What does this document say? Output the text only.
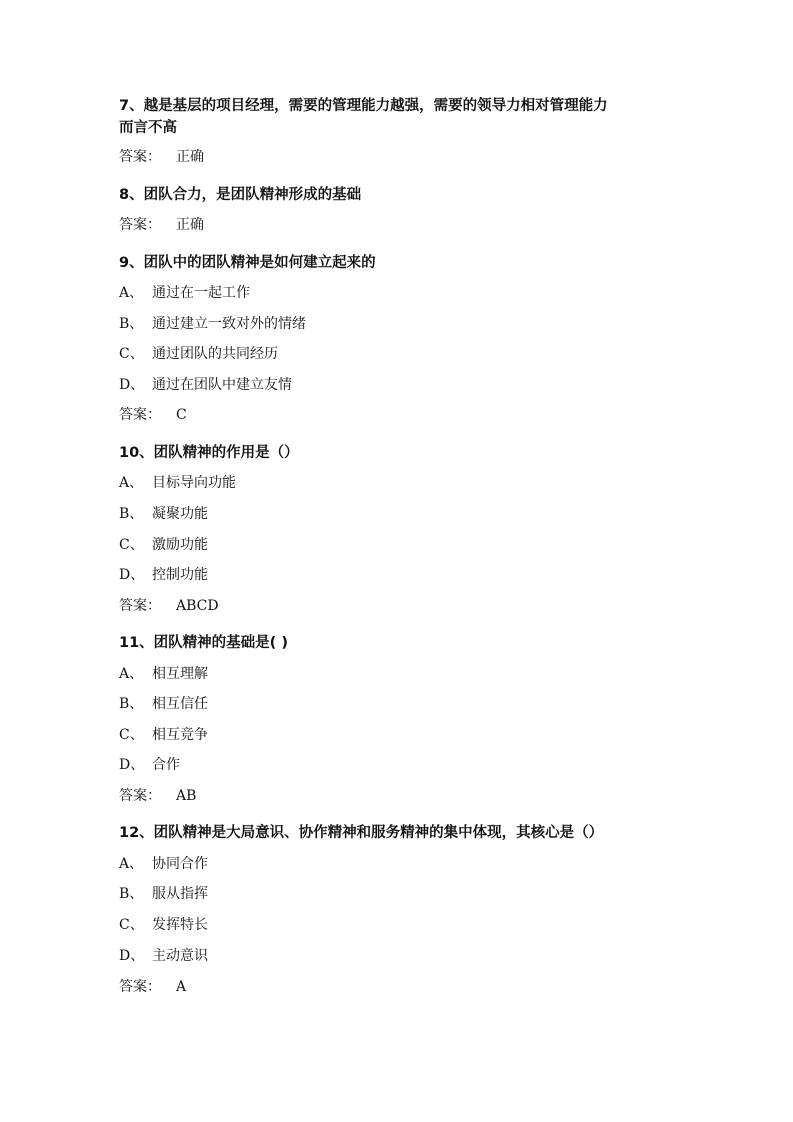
7、越是基层的项目经理，需要的管理能力越强，需要的领导力相对管理能力
而言不高
答案： 正确
8、团队合力，是团队精神形成的基础
答案： 正确
9、团队中的团队精神是如何建立起来的
A、 通过在一起工作
B、 通过建立一致对外的情绪
C、 通过团队的共同经历
D、 通过在团队中建立友情
答案： C
10、团队精神的作用是（）
A、 目标导向功能
B、 凝聚功能
C、 激励功能
D、 控制功能
答案： ABCD
11、团队精神的基础是( )
A、 相互理解
B、 相互信任
C、 相互竞争
D、 合作
答案： AB
12、团队精神是大局意识、协作精神和服务精神的集中体现，其核心是（）
A、 协同合作
B、 服从指挥
C、 发挥特长
D、 主动意识
答案： A
